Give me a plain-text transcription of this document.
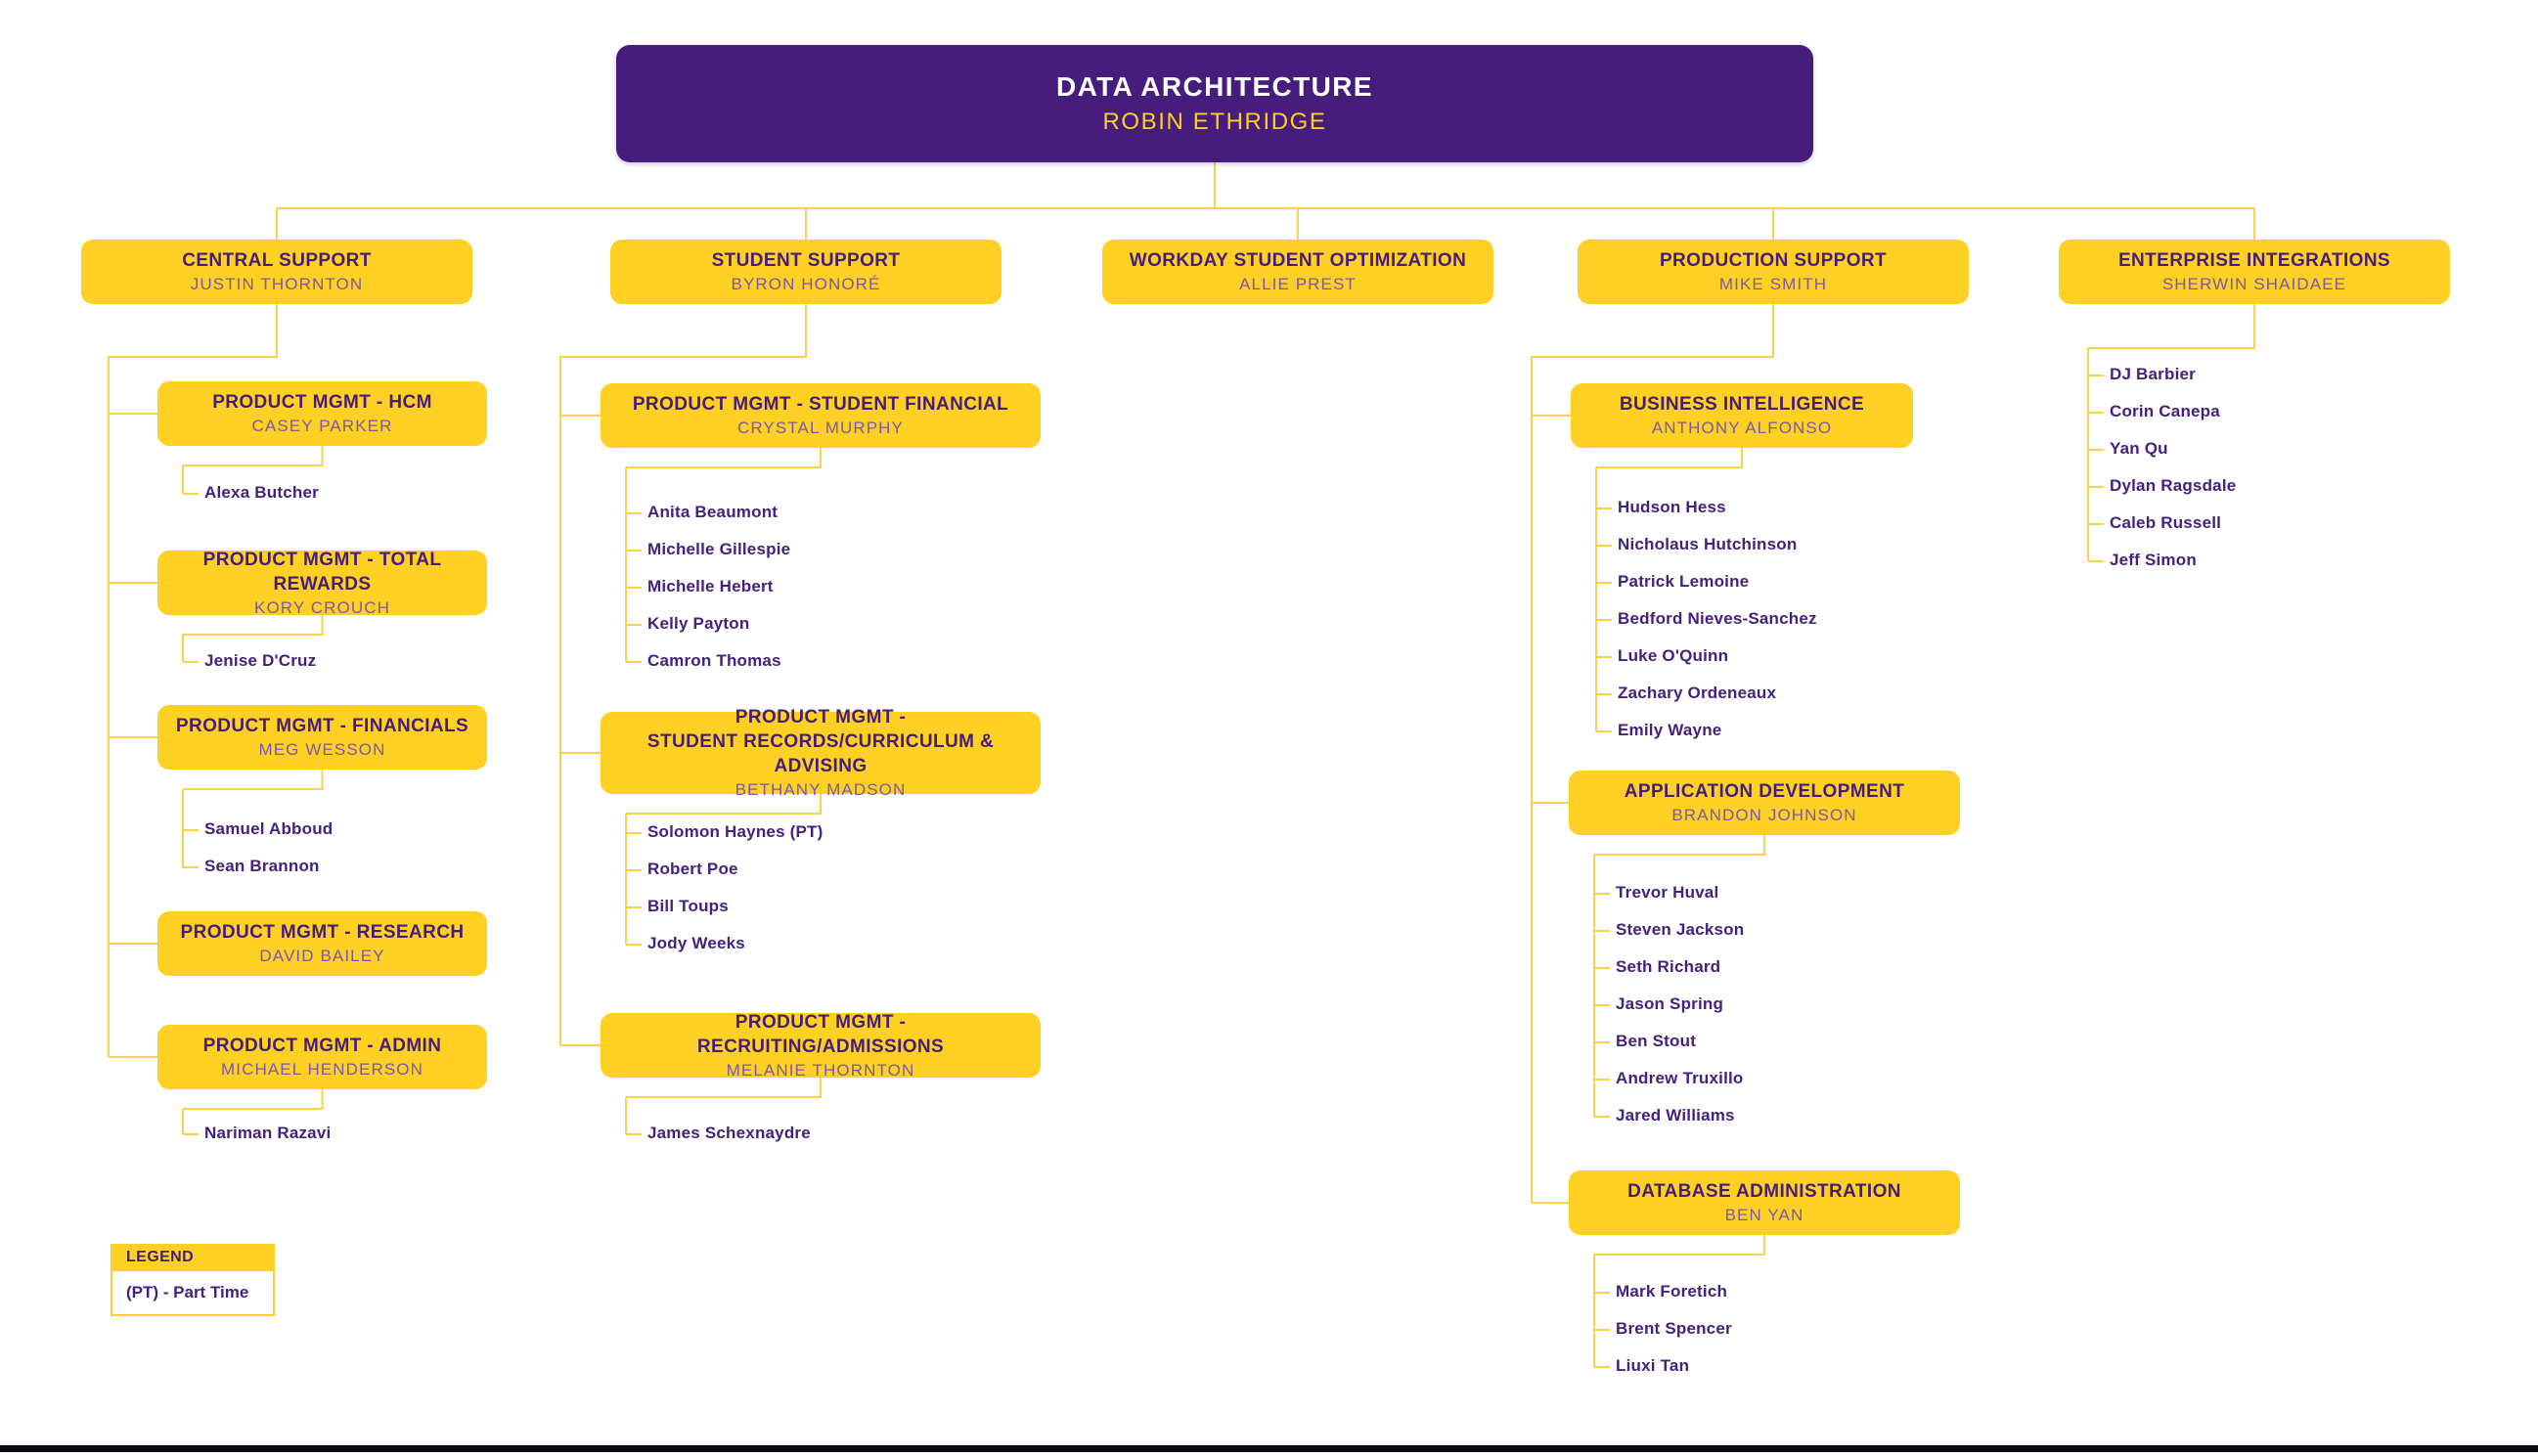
DATA ARCHITECTURE
ROBIN ETHRIDGE
CENTRAL SUPPORT
JUSTIN THORNTON
PRODUCT MGMT - HCM
CASEY PARKER
Alexa Butcher
PRODUCT MGMT - TOTAL REWARDS
KORY CROUCH
Jenise D'Cruz
PRODUCT MGMT - FINANCIALS
MEG WESSON
Samuel Abboud
Sean Brannon
PRODUCT MGMT - RESEARCH
DAVID BAILEY
PRODUCT MGMT - ADMIN
MICHAEL HENDERSON
Nariman Razavi
STUDENT SUPPORT
BYRON HONORÉ
PRODUCT MGMT - STUDENT FINANCIAL
CRYSTAL MURPHY
Anita Beaumont
Michelle Gillespie
Michelle Hebert
Kelly Payton
Camron Thomas
PRODUCT MGMT -
STUDENT RECORDS/CURRICULUM & ADVISING
BETHANY MADSON
Solomon Haynes (PT)
Robert Poe
Bill Toups
Jody Weeks
PRODUCT MGMT - RECRUITING/ADMISSIONS
MELANIE THORNTON
James Schexnaydre
WORKDAY STUDENT OPTIMIZATION
ALLIE PREST
PRODUCTION SUPPORT
MIKE SMITH
BUSINESS INTELLIGENCE
ANTHONY ALFONSO
Hudson Hess
Nicholaus Hutchinson
Patrick Lemoine
Bedford Nieves-Sanchez
Luke O'Quinn
Zachary Ordeneaux
Emily Wayne
APPLICATION DEVELOPMENT
BRANDON JOHNSON
Trevor Huval
Steven Jackson
Seth Richard
Jason Spring
Ben Stout
Andrew Truxillo
Jared Williams
DATABASE ADMINISTRATION
BEN YAN
Mark Foretich
Brent Spencer
Liuxi Tan
ENTERPRISE INTEGRATIONS
SHERWIN SHAIDAEE
DJ Barbier
Corin Canepa
Yan Qu
Dylan Ragsdale
Caleb Russell
Jeff Simon
LEGEND
(PT) - Part Time
